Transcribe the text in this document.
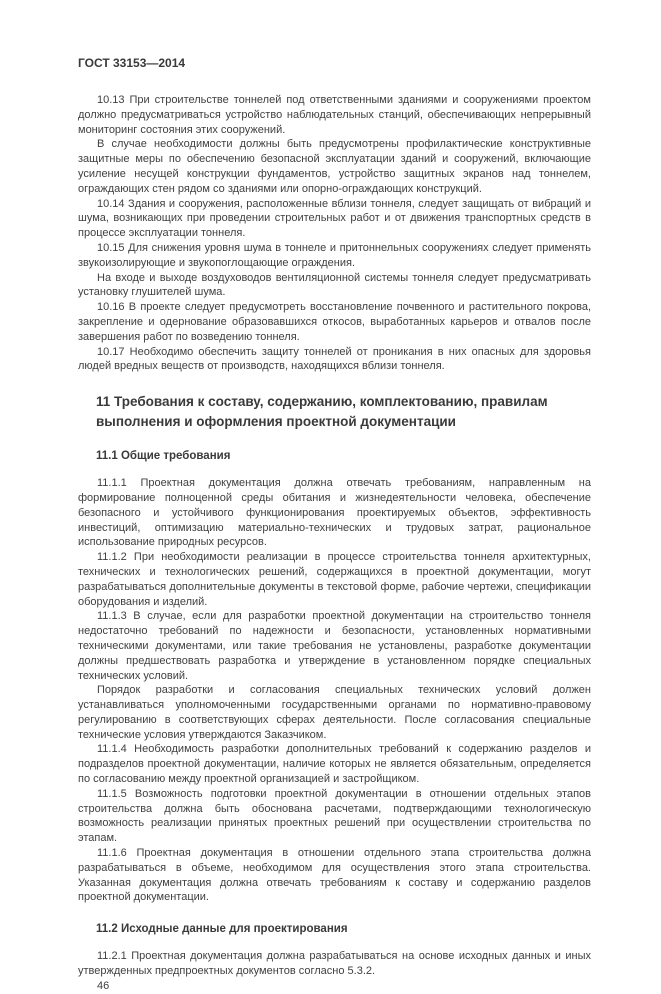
ГОСТ 33153—2014

10.13 При строительстве тоннелей под ответственными зданиями и сооружениями проектом должно предусматриваться устройство наблюдательных станций, обеспечивающих непрерывный мониторинг состояния этих сооружений.

В случае необходимости должны быть предусмотрены профилактические конструктивные защитные меры по обеспечению безопасной эксплуатации зданий и сооружений, включающие усиление несущей конструкции фундаментов, устройство защитных экранов над тоннелем, ограждающих стен рядом со зданиями или опорно-ограждающих конструкций.

10.14 Здания и сооружения, расположенные вблизи тоннеля, следует защищать от вибраций и шума, возникающих при проведении строительных работ и от движения транспортных средств в процессе эксплуатации тоннеля.

10.15 Для снижения уровня шума в тоннеле и притоннельных сооружениях следует применять звукоизолирующие и звукопоглощающие ограждения.

На входе и выходе воздуховодов вентиляционной системы тоннеля следует предусматривать установку глушителей шума.

10.16 В проекте следует предусмотреть восстановление почвенного и растительного покрова, закрепление и одернование образовавшихся откосов, выработанных карьеров и отвалов после завершения работ по возведению тоннеля.

10.17 Необходимо обеспечить защиту тоннелей от проникания в них опасных для здоровья людей вредных веществ от производств, находящихся вблизи тоннеля.

11 Требования к составу, содержанию, комплектованию, правилам выполнения и оформления проектной документации
11.1 Общие требования

11.1.1 Проектная документация должна отвечать требованиям, направленным на формирование полноценной среды обитания и жизнедеятельности человека, обеспечение безопасного и устойчивого функционирования проектируемых объектов, эффективность инвестиций, оптимизацию материально-технических и трудовых затрат, рациональное использование природных ресурсов.

11.1.2 При необходимости реализации в процессе строительства тоннеля архитектурных, технических и технологических решений, содержащихся в проектной документации, могут разрабатываться дополнительные документы в текстовой форме, рабочие чертежи, спецификации оборудования и изделий.

11.1.3 В случае, если для разработки проектной документации на строительство тоннеля недостаточно требований по надежности и безопасности, установленных нормативными техническими документами, или такие требования не установлены, разработке документации должны предшествовать разработка и утверждение в установленном порядке специальных технических условий.

Порядок разработки и согласования специальных технических условий должен устанавливаться уполномоченными государственными органами по нормативно-правовому регулированию в соответствующих сферах деятельности. После согласования специальные технические условия утверждаются Заказчиком.

11.1.4 Необходимость разработки дополнительных требований к содержанию разделов и подразделов проектной документации, наличие которых не является обязательным, определяется по согласованию между проектной организацией и застройщиком.

11.1.5 Возможность подготовки проектной документации в отношении отдельных этапов строительства должна быть обоснована расчетами, подтверждающими технологическую возможность реализации принятых проектных решений при осуществлении строительства по этапам.

11.1.6 Проектная документация в отношении отдельного этапа строительства должна разрабатываться в объеме, необходимом для осуществления этого этапа строительства. Указанная документация должна отвечать требованиям к составу и содержанию разделов проектной документации.

11.2 Исходные данные для проектирования

11.2.1 Проектная документация должна разрабатываться на основе исходных данных и иных утвержденных предпроектных документов согласно 5.3.2.

46
